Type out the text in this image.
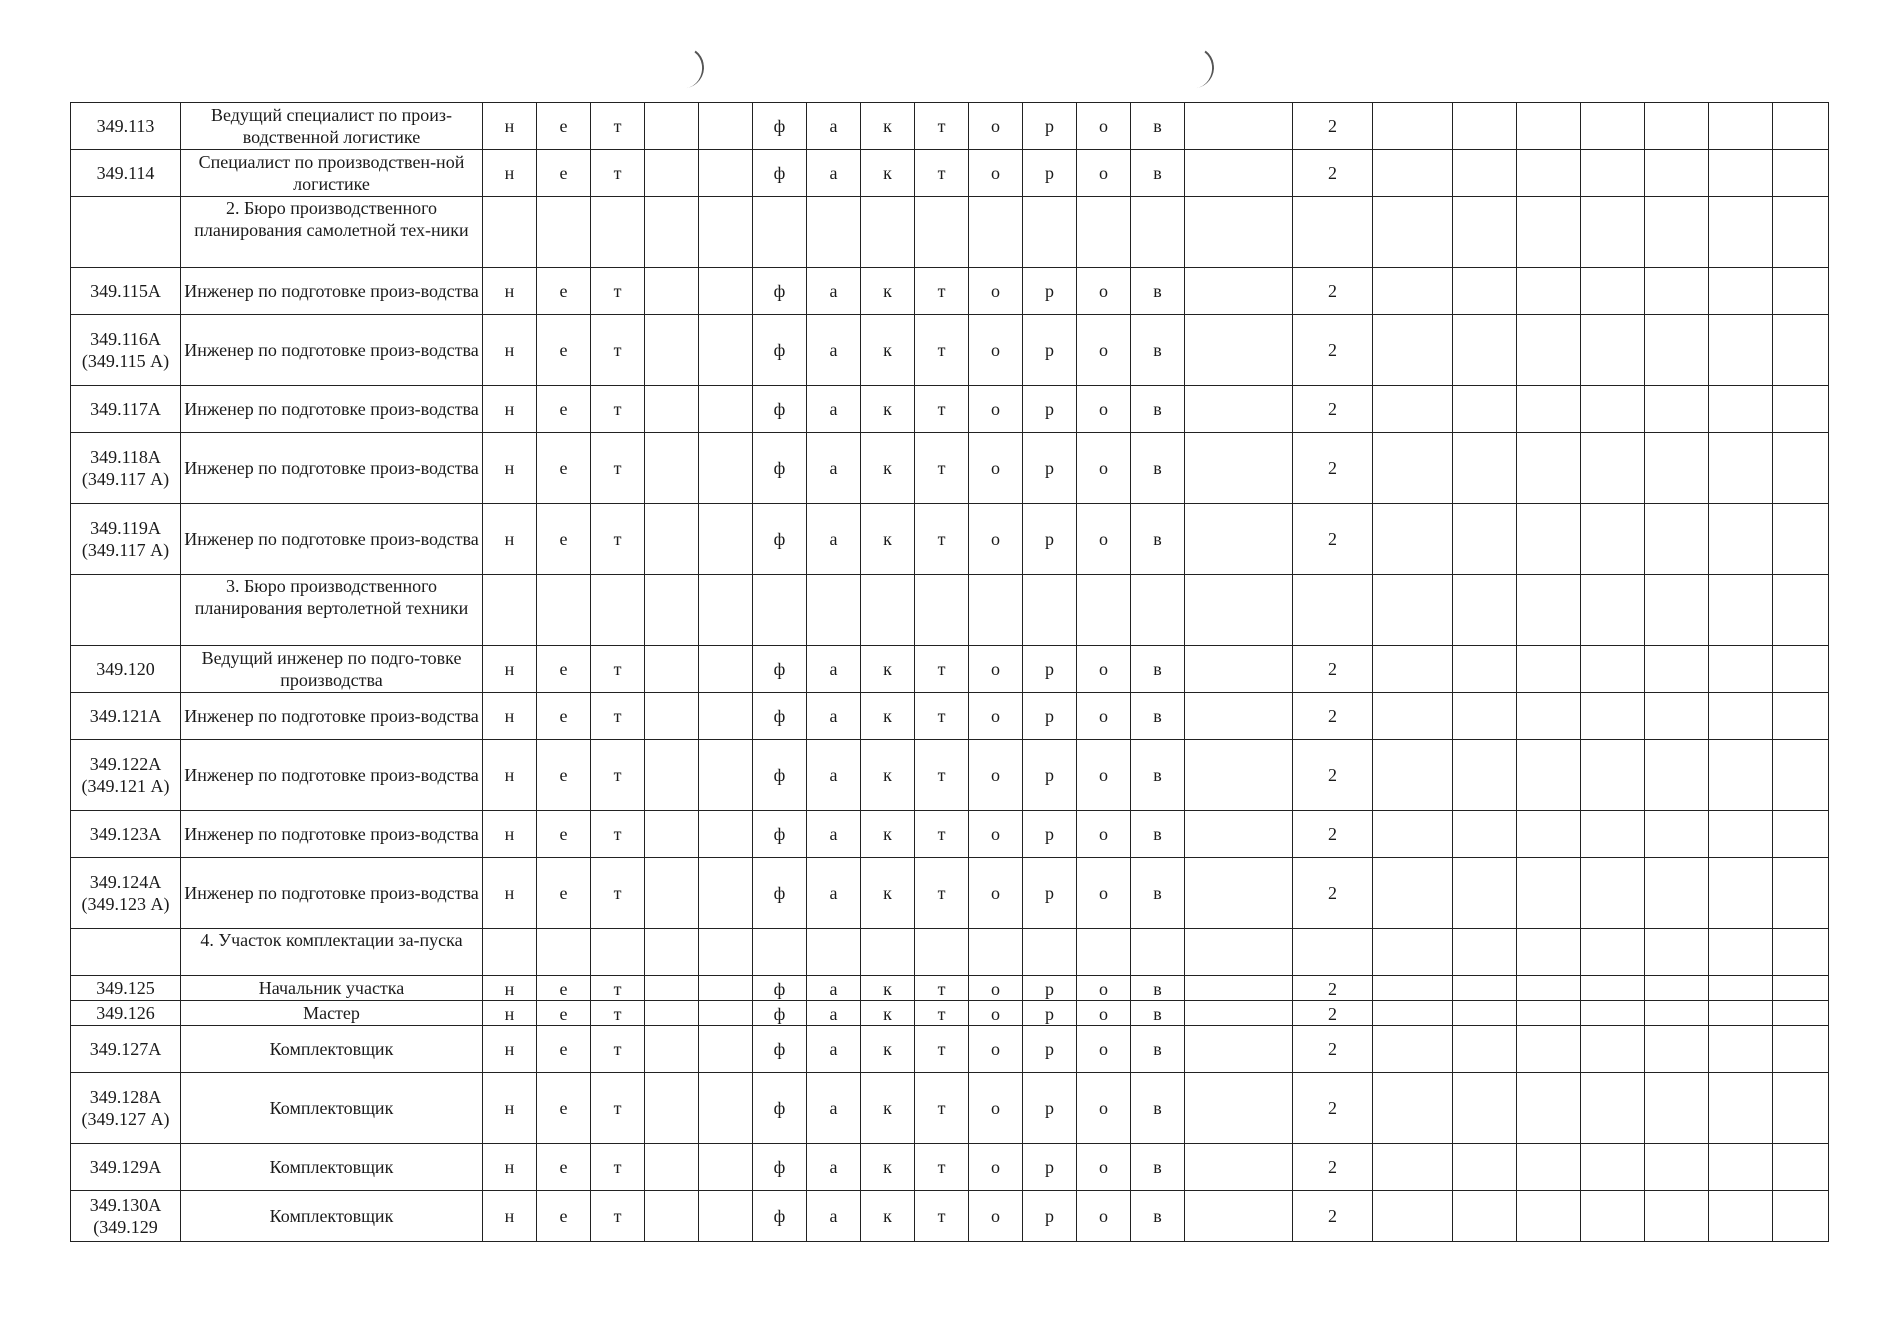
349.113	Ведущий специалист по произ-водственной логистике	н	е	т			ф	а	к	т	о	р	о	в		2							
349.114	Специалист по производствен-ной логистике	н	е	т			ф	а	к	т	о	р	о	в		2							
	2. Бюро производственного планирования самолетной тех-ники																						
349.115А	Инженер по подготовке произ-водства	н	е	т			ф	а	к	т	о	р	о	в		2							
349.116А (349.115 А)	Инженер по подготовке произ-водства	н	е	т			ф	а	к	т	о	р	о	в		2							
349.117А	Инженер по подготовке произ-водства	н	е	т			ф	а	к	т	о	р	о	в		2							
349.118А (349.117 А)	Инженер по подготовке произ-водства	н	е	т			ф	а	к	т	о	р	о	в		2							
349.119А (349.117 А)	Инженер по подготовке произ-водства	н	е	т			ф	а	к	т	о	р	о	в		2							
	3. Бюро производственного планирования вертолетной техники																						
349.120	Ведущий инженер по подго-товке производства	н	е	т			ф	а	к	т	о	р	о	в		2							
349.121А	Инженер по подготовке произ-водства	н	е	т			ф	а	к	т	о	р	о	в		2							
349.122А (349.121 А)	Инженер по подготовке произ-водства	н	е	т			ф	а	к	т	о	р	о	в		2							
349.123А	Инженер по подготовке произ-водства	н	е	т			ф	а	к	т	о	р	о	в		2							
349.124А (349.123 А)	Инженер по подготовке произ-водства	н	е	т			ф	а	к	т	о	р	о	в		2							
	4. Участок комплектации за-пуска																						
349.125	Начальник участка	н	е	т			ф	а	к	т	о	р	о	в		2							
349.126	Мастер	н	е	т			ф	а	к	т	о	р	о	в		2							
349.127А	Комплектовщик	н	е	т			ф	а	к	т	о	р	о	в		2							
349.128А (349.127 А)	Комплектовщик	н	е	т			ф	а	к	т	о	р	о	в		2							
349.129А	Комплектовщик	н	е	т			ф	а	к	т	о	р	о	в		2							
349.130А (349.129	Комплектовщик	н	е	т			ф	а	к	т	о	р	о	в		2							
